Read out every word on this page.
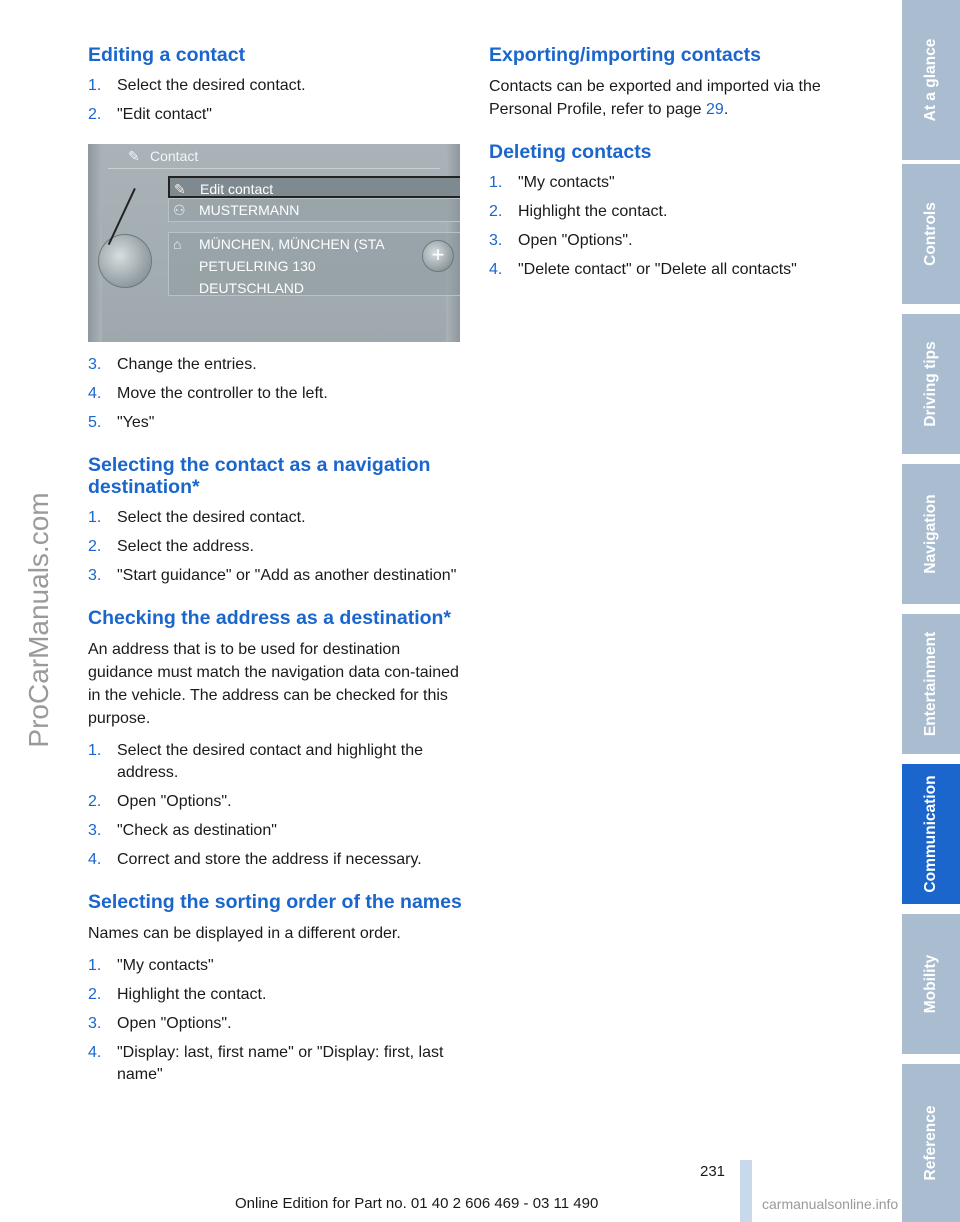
Editing a contact
1. Select the desired contact.
2. "Edit contact"
✎ Contact
✎	Edit contact
⚇ MUSTERMANN
⌂	MÜNCHEN, MÜNCHEN (STA
PETUELRING 130
DEUTSCHLAND
+
3. Change the entries.
4. Move the controller to the left.
5. "Yes"
Selecting the contact as a navigation destination*
1. Select the desired contact.
2. Select the address.
3. "Start guidance" or "Add as another destination"
Checking the address as a destination*

An address that is to be used for destination guidance must match the navigation data con-tained in the vehicle. The address can be checked for this purpose.

1. Select the desired contact and highlight the address.
2. Open "Options".
3. "Check as destination"
4. Correct and store the address if necessary.
Selecting the sorting order of the names

Names can be displayed in a different order.

1. "My contacts"
2. Highlight the contact.
3. Open "Options".
4. "Display: last, first name" or "Display: first, last name"
Exporting/importing contacts

Contacts can be exported and imported via the Personal Profile, refer to page 29.

Deleting contacts
1. "My contacts"
2. Highlight the contact.
3. Open "Options".
4. "Delete contact" or "Delete all contacts"
At a glance
Controls
Driving tips
Navigation
Entertainment
Communication
Mobility
Reference
ProCarManuals.com
231
Online Edition for Part no. 01 40 2 606 469 - 03 11 490	carmanualsonline.info
